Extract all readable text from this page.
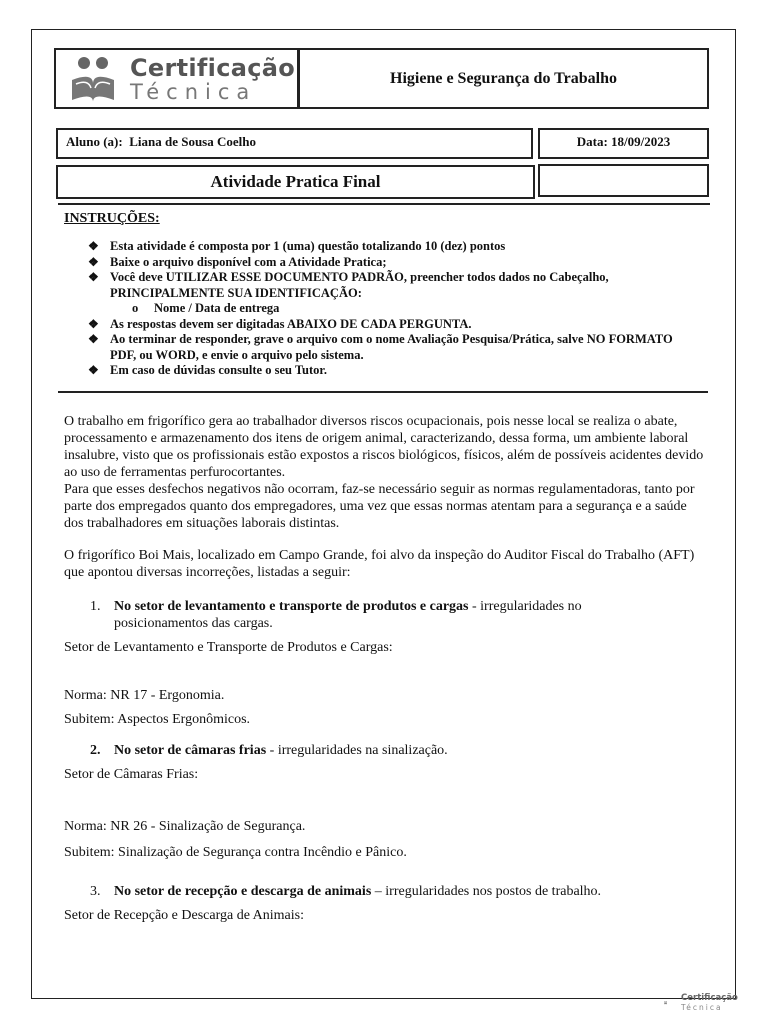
Certificação
Técnica
Higiene e Segurança do Trabalho
Aluno (a): Liana de Sousa Coelho	Data: 18/09/2023
Atividade Pratica Final
INSTRUÇÕES:
❖ Esta atividade é composta por 1 (uma) questão totalizando 10 (dez) pontos
❖ Baixe o arquivo disponível com a Atividade Pratica;
❖ Você deve UTILIZAR ESSE DOCUMENTO PADRÃO, preencher todos dados no Cabeçalho, PRINCIPALMENTE SUA IDENTIFICAÇÃO:
o	Nome / Data de entrega
❖ As respostas devem ser digitadas ABAIXO DE CADA PERGUNTA.
❖ Ao terminar de responder, grave o arquivo com o nome Avaliação Pesquisa/Prática, salve NO FORMATO PDF, ou WORD, e envie o arquivo pelo sistema.
❖ Em caso de dúvidas consulte o seu Tutor.

O trabalho em frigorífico gera ao trabalhador diversos riscos ocupacionais, pois nesse local se realiza o abate, processamento e armazenamento dos itens de origem animal, caracterizando, dessa forma, um ambiente laboral insalubre, visto que os profissionais estão expostos a riscos biológicos, físicos, além de possíveis acidentes devido ao uso de ferramentas perfurocortantes.

Para que esses desfechos negativos não ocorram, faz-se necessário seguir as normas regulamentadoras, tanto por parte dos empregados quanto dos empregadores, uma vez que essas normas atentam para a segurança e a saúde dos trabalhadores em situações laborais distintas.

O frigorífico Boi Mais, localizado em Campo Grande, foi alvo da inspeção do Auditor Fiscal do Trabalho (AFT) que apontou diversas incorreções, listadas a seguir:
1. No setor de levantamento e transporte de produtos e cargas - irregularidades no posicionamentos das cargas.
Setor de Levantamento e Transporte de Produtos e Cargas:
Norma: NR 17 - Ergonomia.
Subitem: Aspectos Ergonômicos.
2. No setor de câmaras frias - irregularidades na sinalização.
Setor de Câmaras Frias:
Norma: NR 26 - Sinalização de Segurança.
Subitem: Sinalização de Segurança contra Incêndio e Pânico.
3. No setor de recepção e descarga de animais – irregularidades nos postos de trabalho.
Setor de Recepção e Descarga de Animais:
Certificação
Técnica
